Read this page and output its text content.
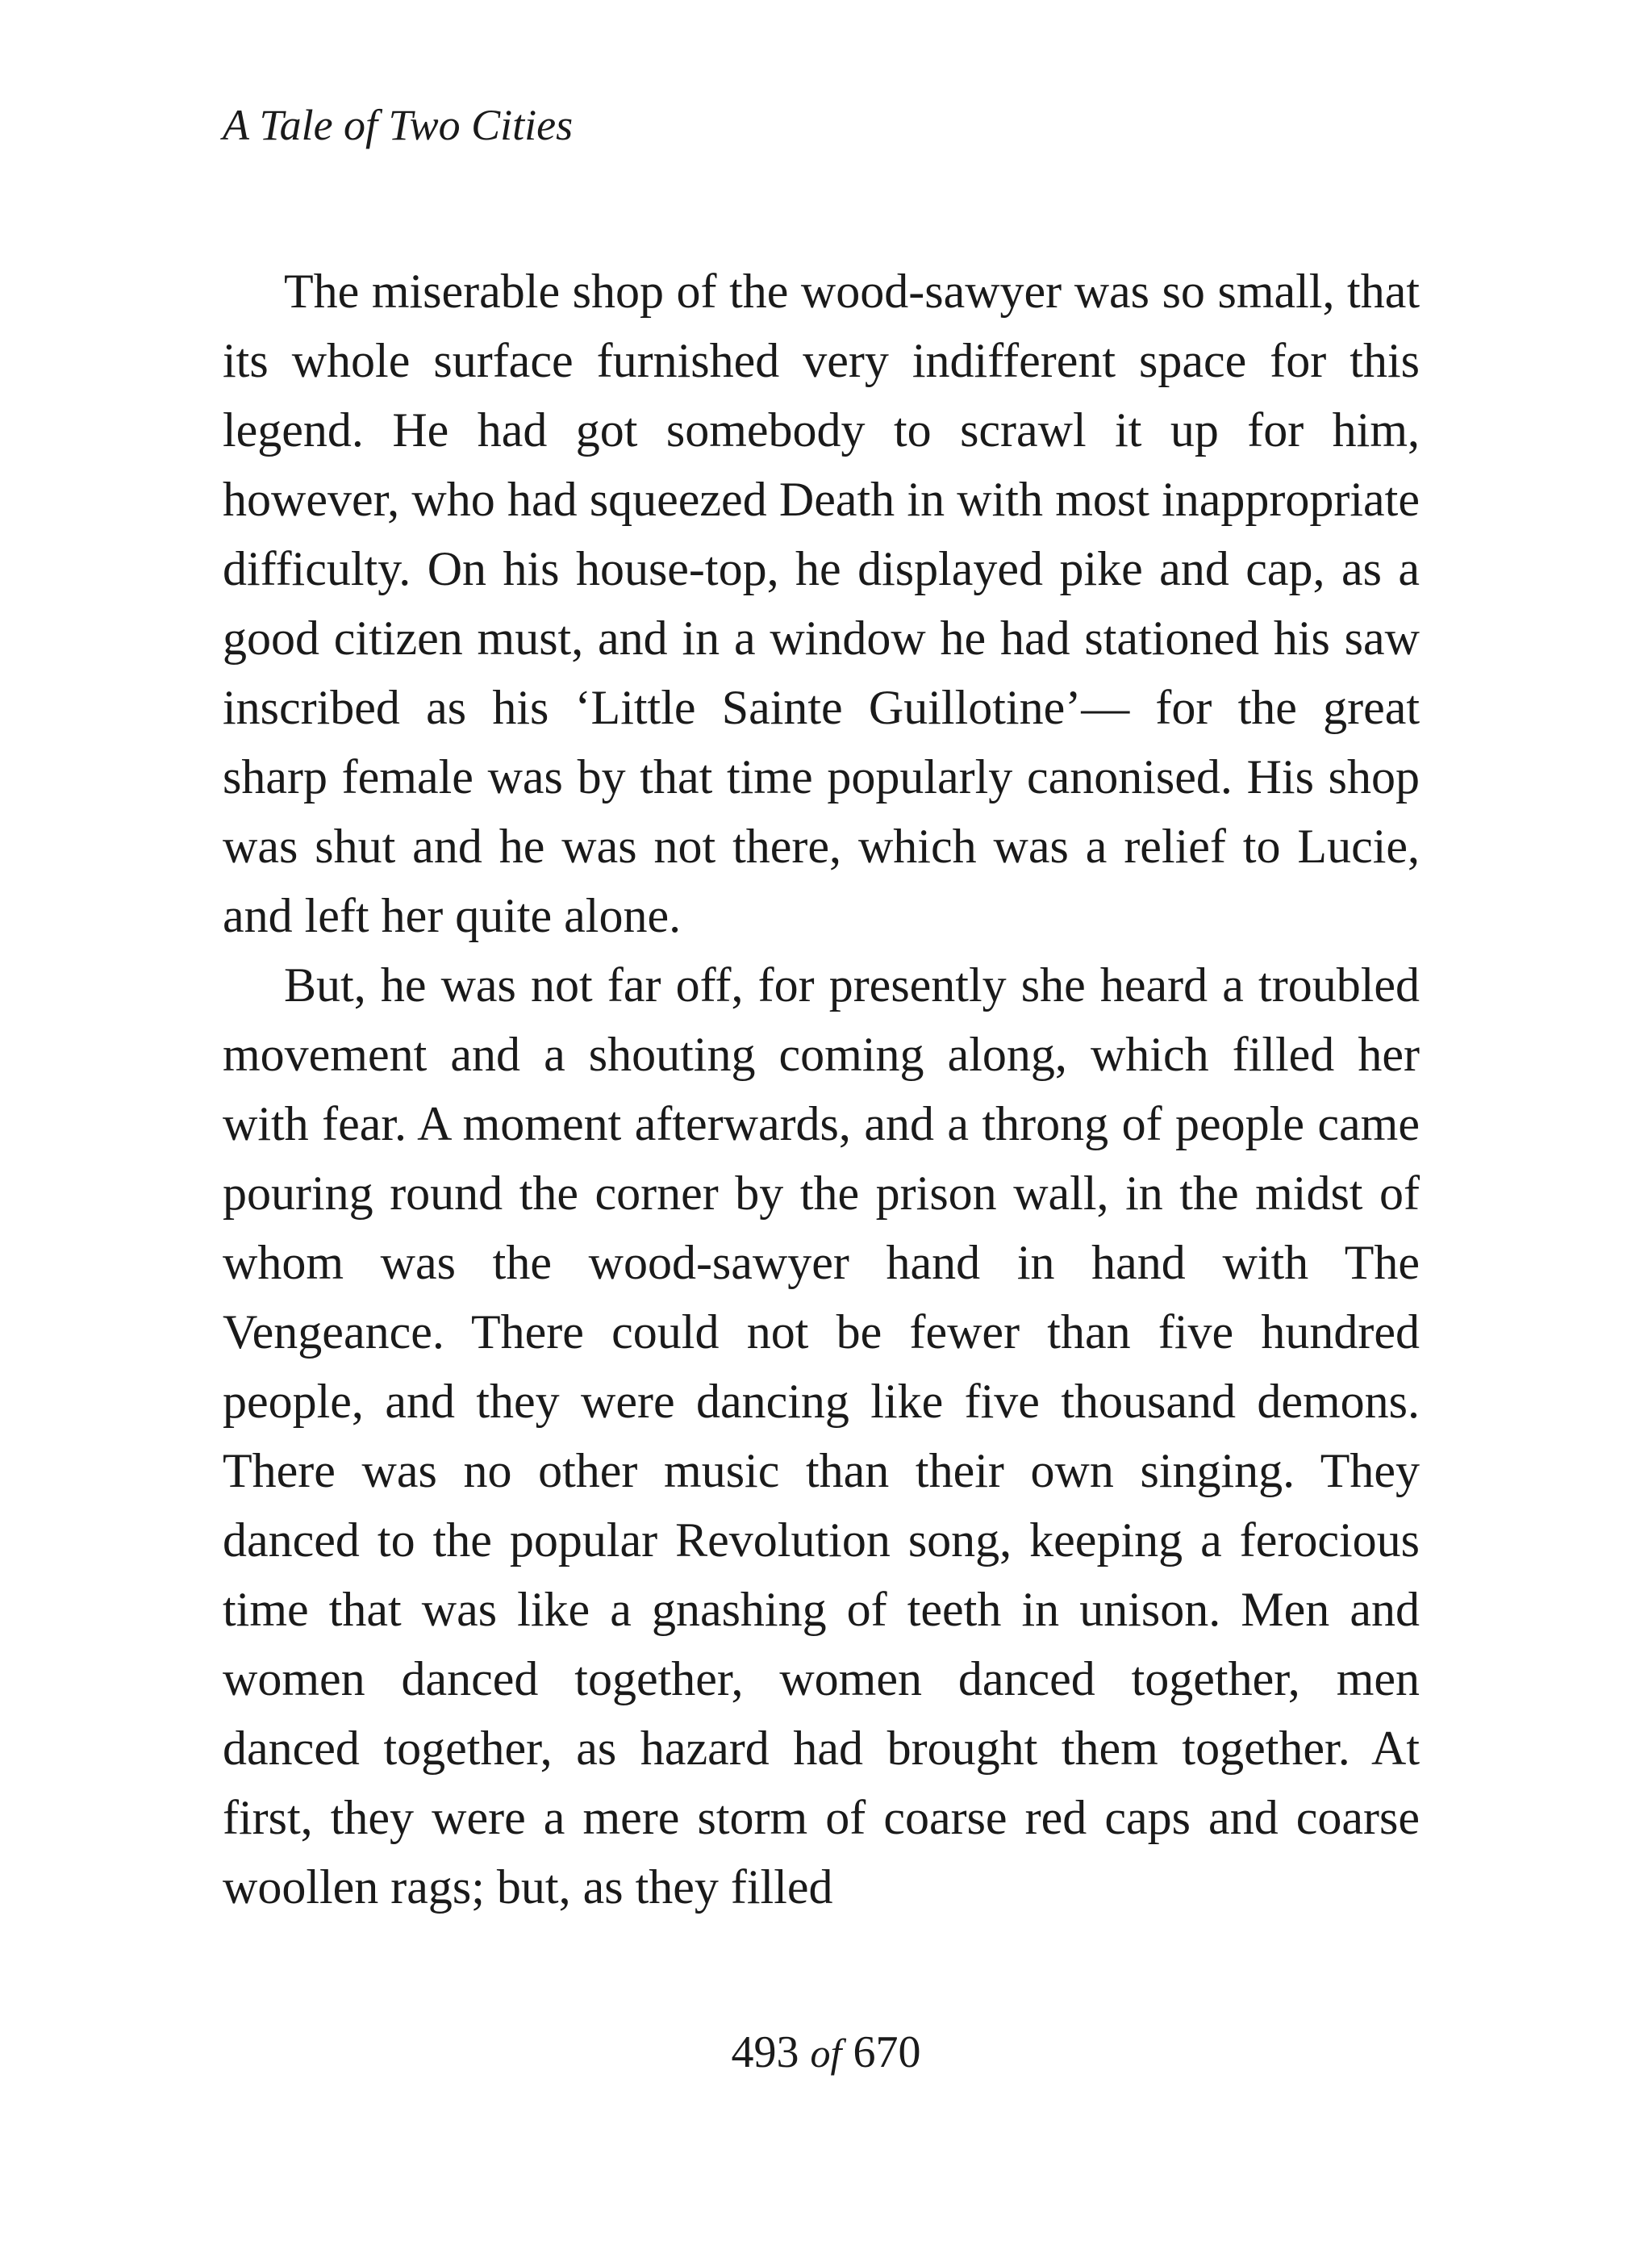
A Tale of Two Cities

The miserable shop of the wood-sawyer was so small, that its whole surface furnished very indifferent space for this legend. He had got somebody to scrawl it up for him, however, who had squeezed Death in with most inappropriate difficulty. On his house-top, he displayed pike and cap, as a good citizen must, and in a window he had stationed his saw inscribed as his ‘Little Sainte Guillotine’— for the great sharp female was by that time popularly canonised. His shop was shut and he was not there, which was a relief to Lucie, and left her quite alone.

But, he was not far off, for presently she heard a troubled movement and a shouting coming along, which filled her with fear. A moment afterwards, and a throng of people came pouring round the corner by the prison wall, in the midst of whom was the wood-sawyer hand in hand with The Vengeance. There could not be fewer than five hundred people, and they were dancing like five thousand demons. There was no other music than their own singing. They danced to the popular Revolution song, keeping a ferocious time that was like a gnashing of teeth in unison. Men and women danced together, women danced together, men danced together, as hazard had brought them together. At first, they were a mere storm of coarse red caps and coarse woollen rags; but, as they filled

493 of 670
